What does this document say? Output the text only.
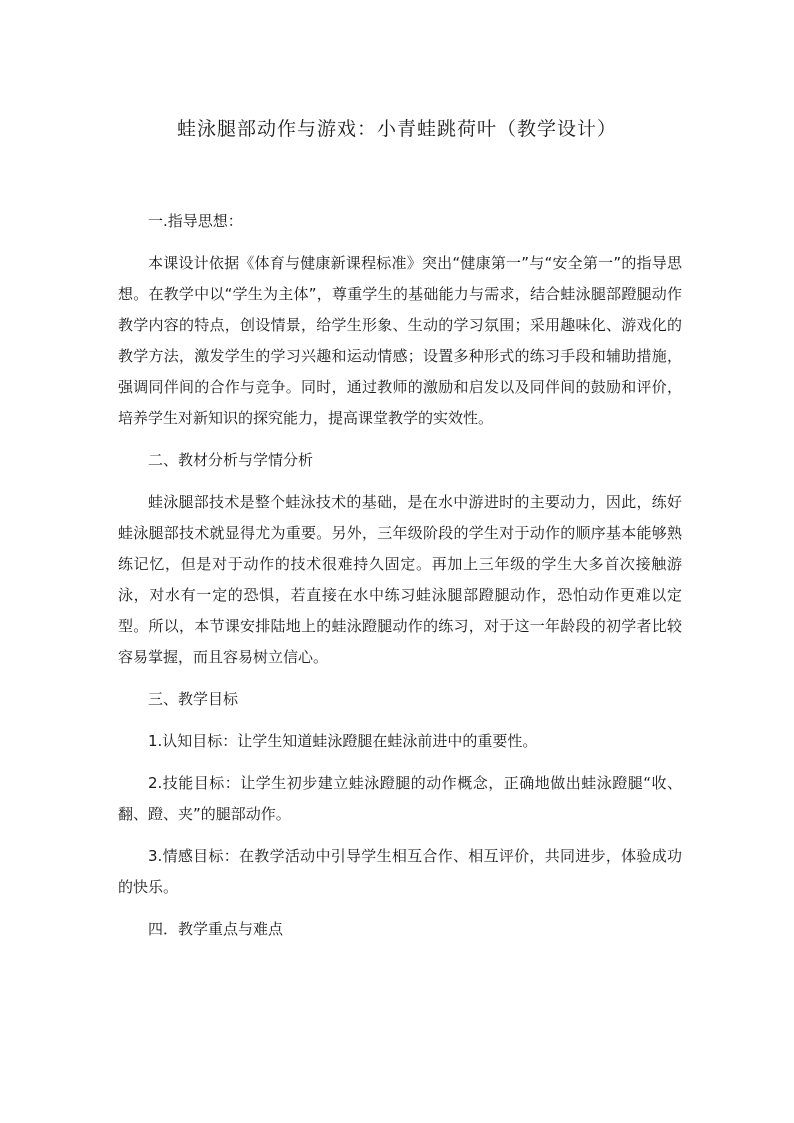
蛙泳腿部动作与游戏：小青蛙跳荷叶（教学设计）

一.指导思想：

本课设计依据《体育与健康新课程标准》突出“健康第一”与“安全第一”的指导思想。在教学中以“学生为主体”，尊重学生的基础能力与需求，结合蛙泳腿部蹬腿动作教学内容的特点，创设情景，给学生形象、生动的学习氛围；采用趣味化、游戏化的教学方法，激发学生的学习兴趣和运动情感；设置多种形式的练习手段和辅助措施，强调同伴间的合作与竞争。同时，通过教师的激励和启发以及同伴间的鼓励和评价，培养学生对新知识的探究能力，提高课堂教学的实效性。

二、教材分析与学情分析

蛙泳腿部技术是整个蛙泳技术的基础，是在水中游进时的主要动力，因此，练好蛙泳腿部技术就显得尤为重要。另外，三年级阶段的学生对于动作的顺序基本能够熟练记忆，但是对于动作的技术很难持久固定。再加上三年级的学生大多首次接触游泳，对水有一定的恐惧，若直接在水中练习蛙泳腿部蹬腿动作，恐怕动作更难以定型。所以，本节课安排陆地上的蛙泳蹬腿动作的练习，对于这一年龄段的初学者比较容易掌握，而且容易树立信心。

三、教学目标

1.认知目标：让学生知道蛙泳蹬腿在蛙泳前进中的重要性。

2.技能目标：让学生初步建立蛙泳蹬腿的动作概念，正确地做出蛙泳蹬腿“收、翻、蹬、夹”的腿部动作。

3.情感目标：在教学活动中引导学生相互合作、相互评价，共同进步，体验成功的快乐。

四．教学重点与难点
